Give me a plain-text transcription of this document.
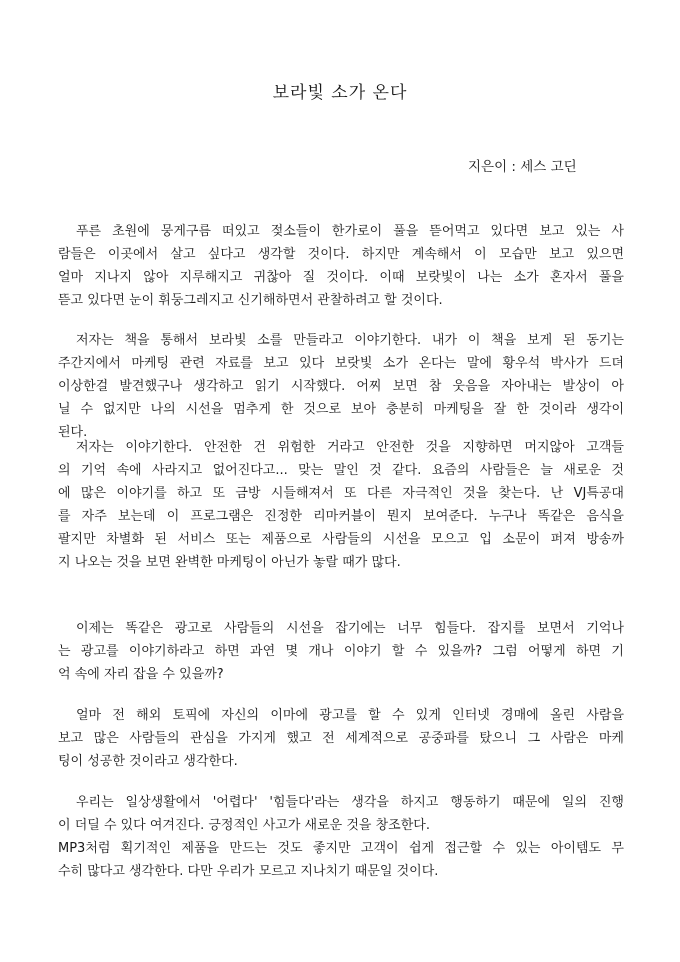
보라빛 소가 온다
지은이 : 세스 고딘
푸른 초원에 뭉게구름 떠있고 젖소들이 한가로이 풀을 뜯어먹고 있다면 보고 있는 사
람들은 이곳에서 살고 싶다고 생각할 것이다. 하지만 계속해서 이 모습만 보고 있으면
얼마 지나지 않아 지루해지고 귀찮아 질 것이다. 이때 보랏빛이 나는 소가 혼자서 풀을
뜯고 있다면 눈이 휘둥그레지고 신기해하면서 관찰하려고 할 것이다.
저자는 책을 통해서 보라빛 소를 만들라고 이야기한다. 내가 이 책을 보게 된 동기는
주간지에서 마케팅 관련 자료를 보고 있다 보랏빛 소가 온다는 말에 황우석 박사가 드뎌
이상한걸 발견했구나 생각하고 읽기 시작했다. 어찌 보면 참 웃음을 자아내는 발상이 아
닐 수 없지만 나의 시선을 멈추게 한 것으로 보아 충분히 마케팅을 잘 한 것이라 생각이
된다.
저자는 이야기한다. 안전한 건 위험한 거라고 안전한 것을 지향하면 머지않아 고객들
의 기억 속에 사라지고 없어진다고... 맞는 말인 것 같다. 요즘의 사람들은 늘 새로운 것
에 많은 이야기를 하고 또 금방 시들해져서 또 다른 자극적인 것을 찾는다. 난 VJ특공대
를 자주 보는데 이 프로그램은 진정한 리마커블이 뭔지 보여준다. 누구나 똑같은 음식을
팔지만 차별화 된 서비스 또는 제품으로 사람들의 시선을 모으고 입 소문이 퍼져 방송까
지 나오는 것을 보면 완벽한 마케팅이 아닌가 놓랄 때가 많다.
이제는 똑같은 광고로 사람들의 시선을 잡기에는 너무 힘들다. 잡지를 보면서 기억나
는 광고를 이야기하라고 하면 과연 몇 개나 이야기 할 수 있을까? 그럼 어떻게 하면 기
억 속에 자리 잡을 수 있을까?
얼마 전 해외 토픽에 자신의 이마에 광고를 할 수 있게 인터넷 경매에 올린 사람을
보고 많은 사람들의 관심을 가지게 했고 전 세계적으로 공중파를 탔으니 그 사람은 마케
팅이 성공한 것이라고 생각한다.
우리는 일상생활에서 '어렵다' '힘들다'라는 생각을 하지고 행동하기 때문에 일의 진행
이 더딜 수 있다 여겨진다. 긍정적인 사고가 새로운 것을 창조한다.
MP3처럼 획기적인 제품을 만드는 것도 좋지만 고객이 쉽게 접근할 수 있는 아이템도 무
수히 많다고 생각한다. 다만 우리가 모르고 지나치기 때문일 것이다.
